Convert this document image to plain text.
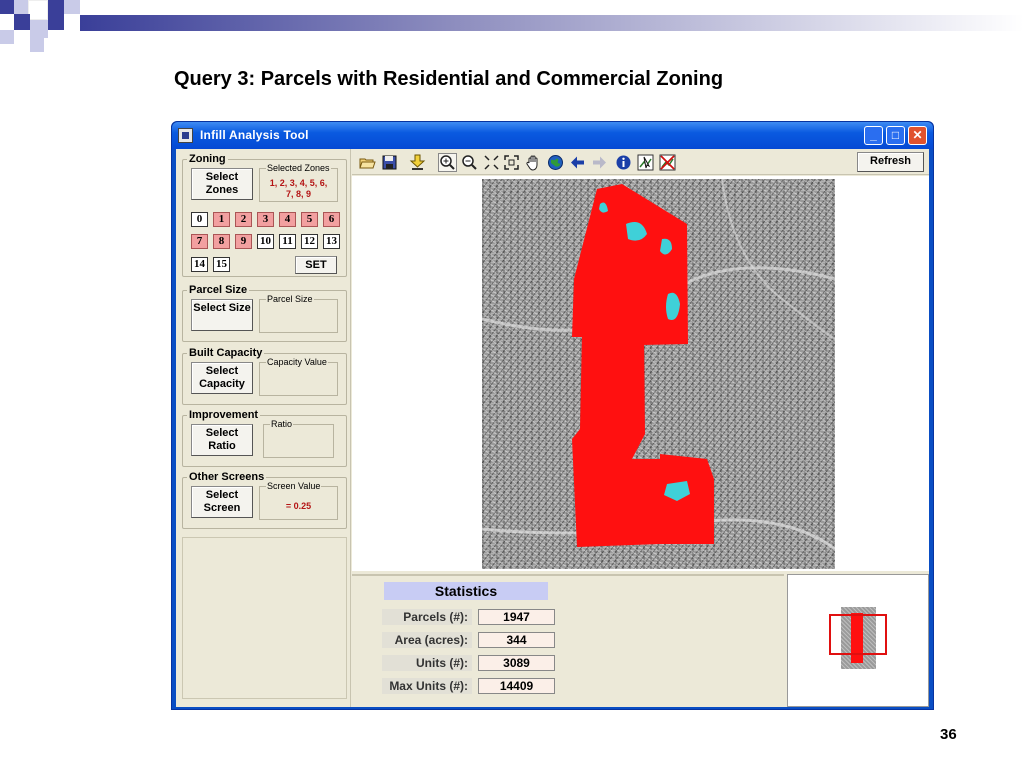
Query 3: Parcels with Residential and Commercial Zoning
36
Infill Analysis Tool	_	□	✕
Zoning
Select Zones
Selected Zones
1, 2, 3, 4, 5, 6,
7, 8, 9
0	1	2	3	4	5	6
7	8	9	10 11 12 13
14 15	SET
Parcel Size
Select Size
Parcel Size
Built Capacity
Select Capacity
Capacity Value
Improvement
Select Ratio
Ratio
Other Screens
Select Screen
Screen Value
= 0.25
Refresh
Statistics
Parcels (#):	1947
Area (acres):	344
Units (#):	3089
Max Units (#):	14409
